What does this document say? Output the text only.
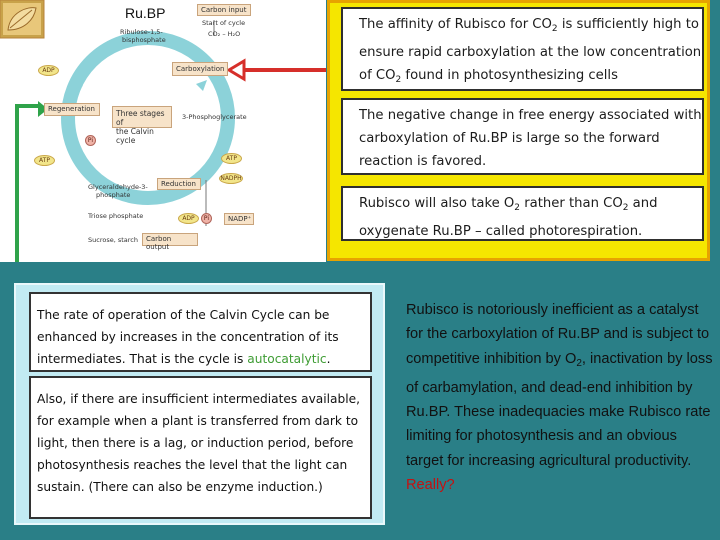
Ru.BP	Carbon input
Start of cycle
CO₂ – H₂O
Ribulose-1,5-
bisphosphate
Carboxylation
ADP
Regeneration	Three stages of
the Calvin cycle
3-Phosphoglycerate
Pi
ATP	ATP
NADPH
Reduction
Glyceraldehyde-3-
phosphate
Triose phosphate	ADP	Pi	NADP⁺
Sucrose, starch	Carbon output
The affinity of Rubisco for $CO_2$ is sufficiently high to ensure rapid carboxylation at the low concentration of $CO_2$ found in photosynthesizing cells
The negative change in free energy associated with carboxylation of Ru.BP is large so the forward reaction is favored.
Rubisco will also take $O_2$ rather than $CO_2$ and oxygenate Ru.BP – called photorespiration.
The rate of operation of the Calvin Cycle can be enhanced by increases in the concentration of its intermediates. That is the cycle is autocatalytic.
Also, if there are insufficient intermediates available, for example when a plant is transferred from dark to light, then there is a lag, or induction period, before photosynthesis reaches the level that the light can sustain. (There can also be enzyme induction.)
Rubisco is notoriously inefficient as a catalyst for the carboxylation of Ru.BP and is subject to competitive inhibition by $O_2$, inactivation by loss of carbamylation, and dead-end inhibition by Ru.BP. These inadequacies make Rubisco rate limiting for photosynthesis and an obvious target for increasing agricultural productivity.
Really?
